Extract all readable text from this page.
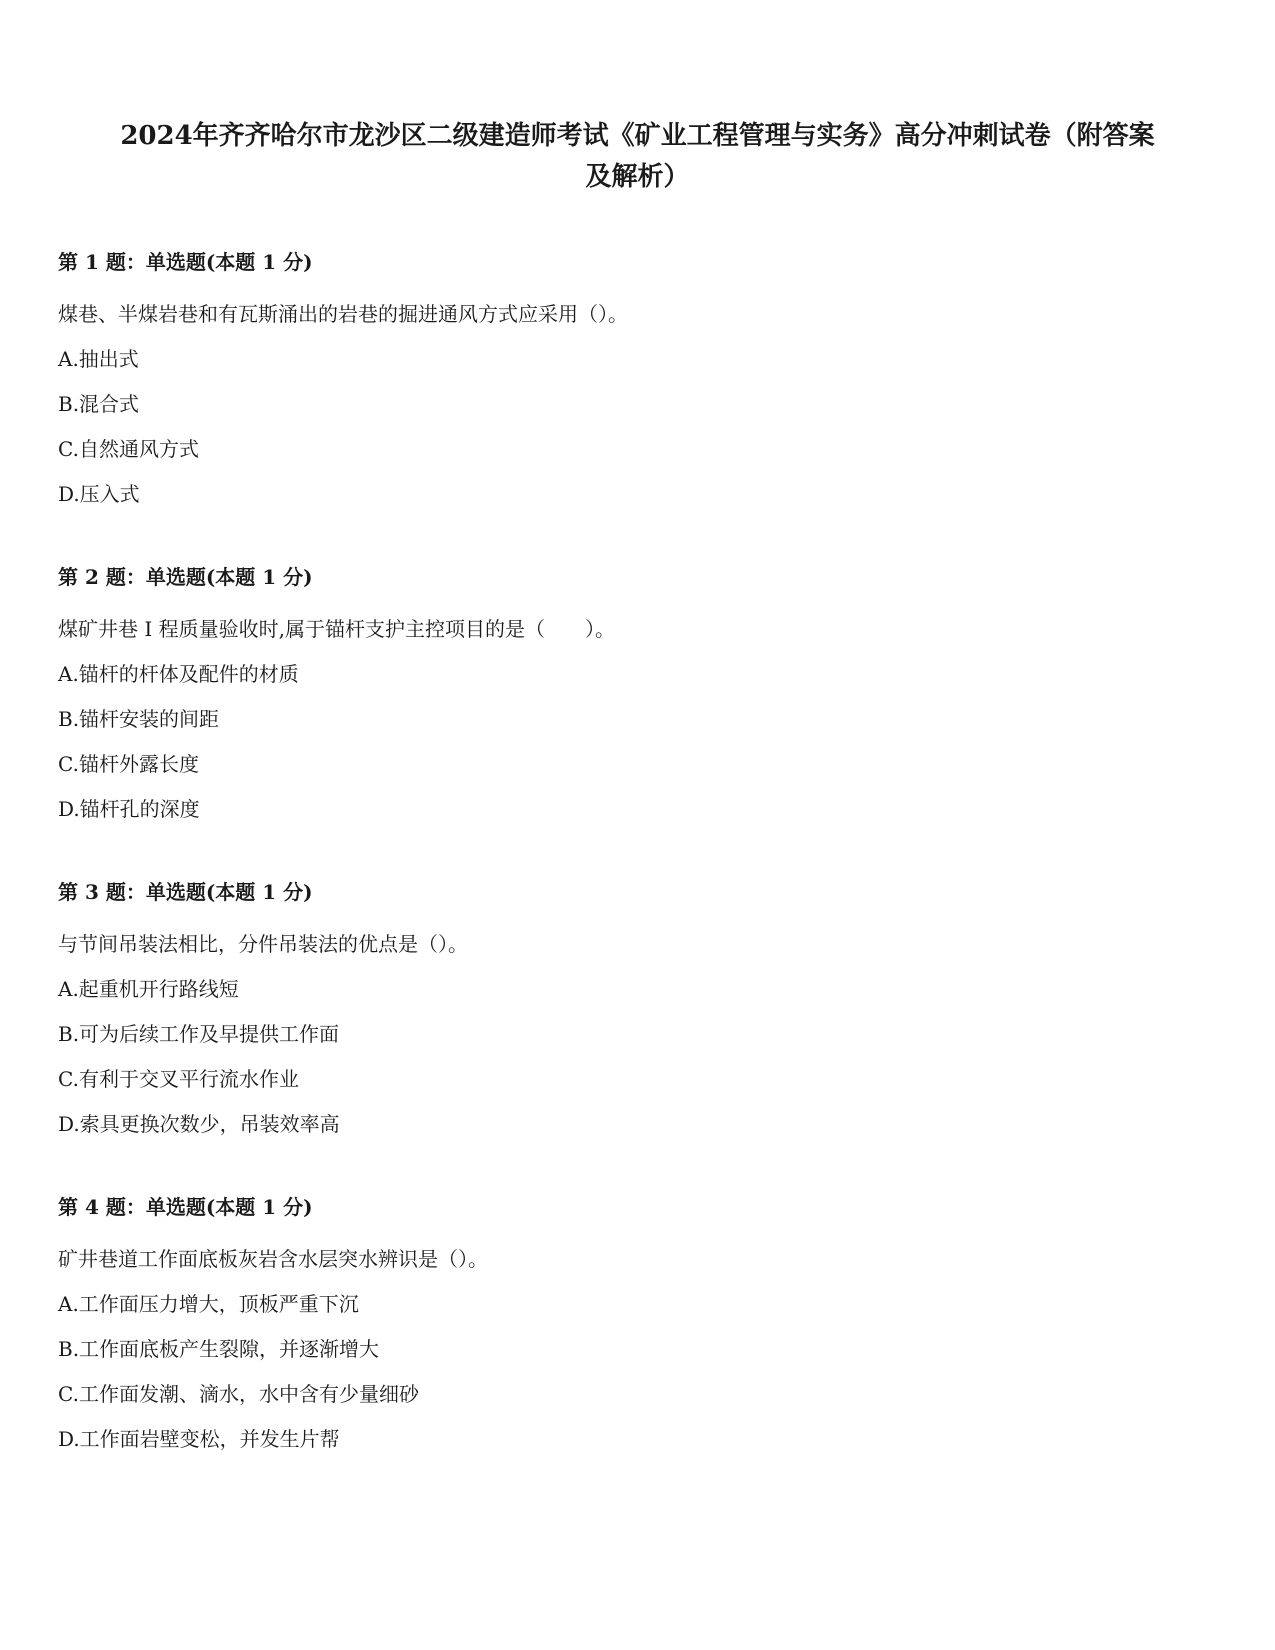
2024年齐齐哈尔市龙沙区二级建造师考试《矿业工程管理与实务》高分冲刺试卷（附答案
及解析）
第 1 题：单选题(本题 1 分)
煤巷、半煤岩巷和有瓦斯涌出的岩巷的掘进通风方式应采用（）。
A.抽出式
B.混合式
C.自然通风方式
D.压入式
第 2 题：单选题(本题 1 分)
煤矿井巷 I 程质量验收时,属于锚杆支护主控项目的是（　　）。
A.锚杆的杆体及配件的材质
B.锚杆安装的间距
C.锚杆外露长度
D.锚杆孔的深度
第 3 题：单选题(本题 1 分)
与节间吊装法相比，分件吊装法的优点是（）。
A.起重机开行路线短
B.可为后续工作及早提供工作面
C.有利于交叉平行流水作业
D.索具更换次数少，吊装效率高
第 4 题：单选题(本题 1 分)
矿井巷道工作面底板灰岩含水层突水辨识是（）。
A.工作面压力增大，顶板严重下沉
B.工作面底板产生裂隙，并逐渐增大
C.工作面发潮、滴水，水中含有少量细砂
D.工作面岩壁变松，并发生片帮
